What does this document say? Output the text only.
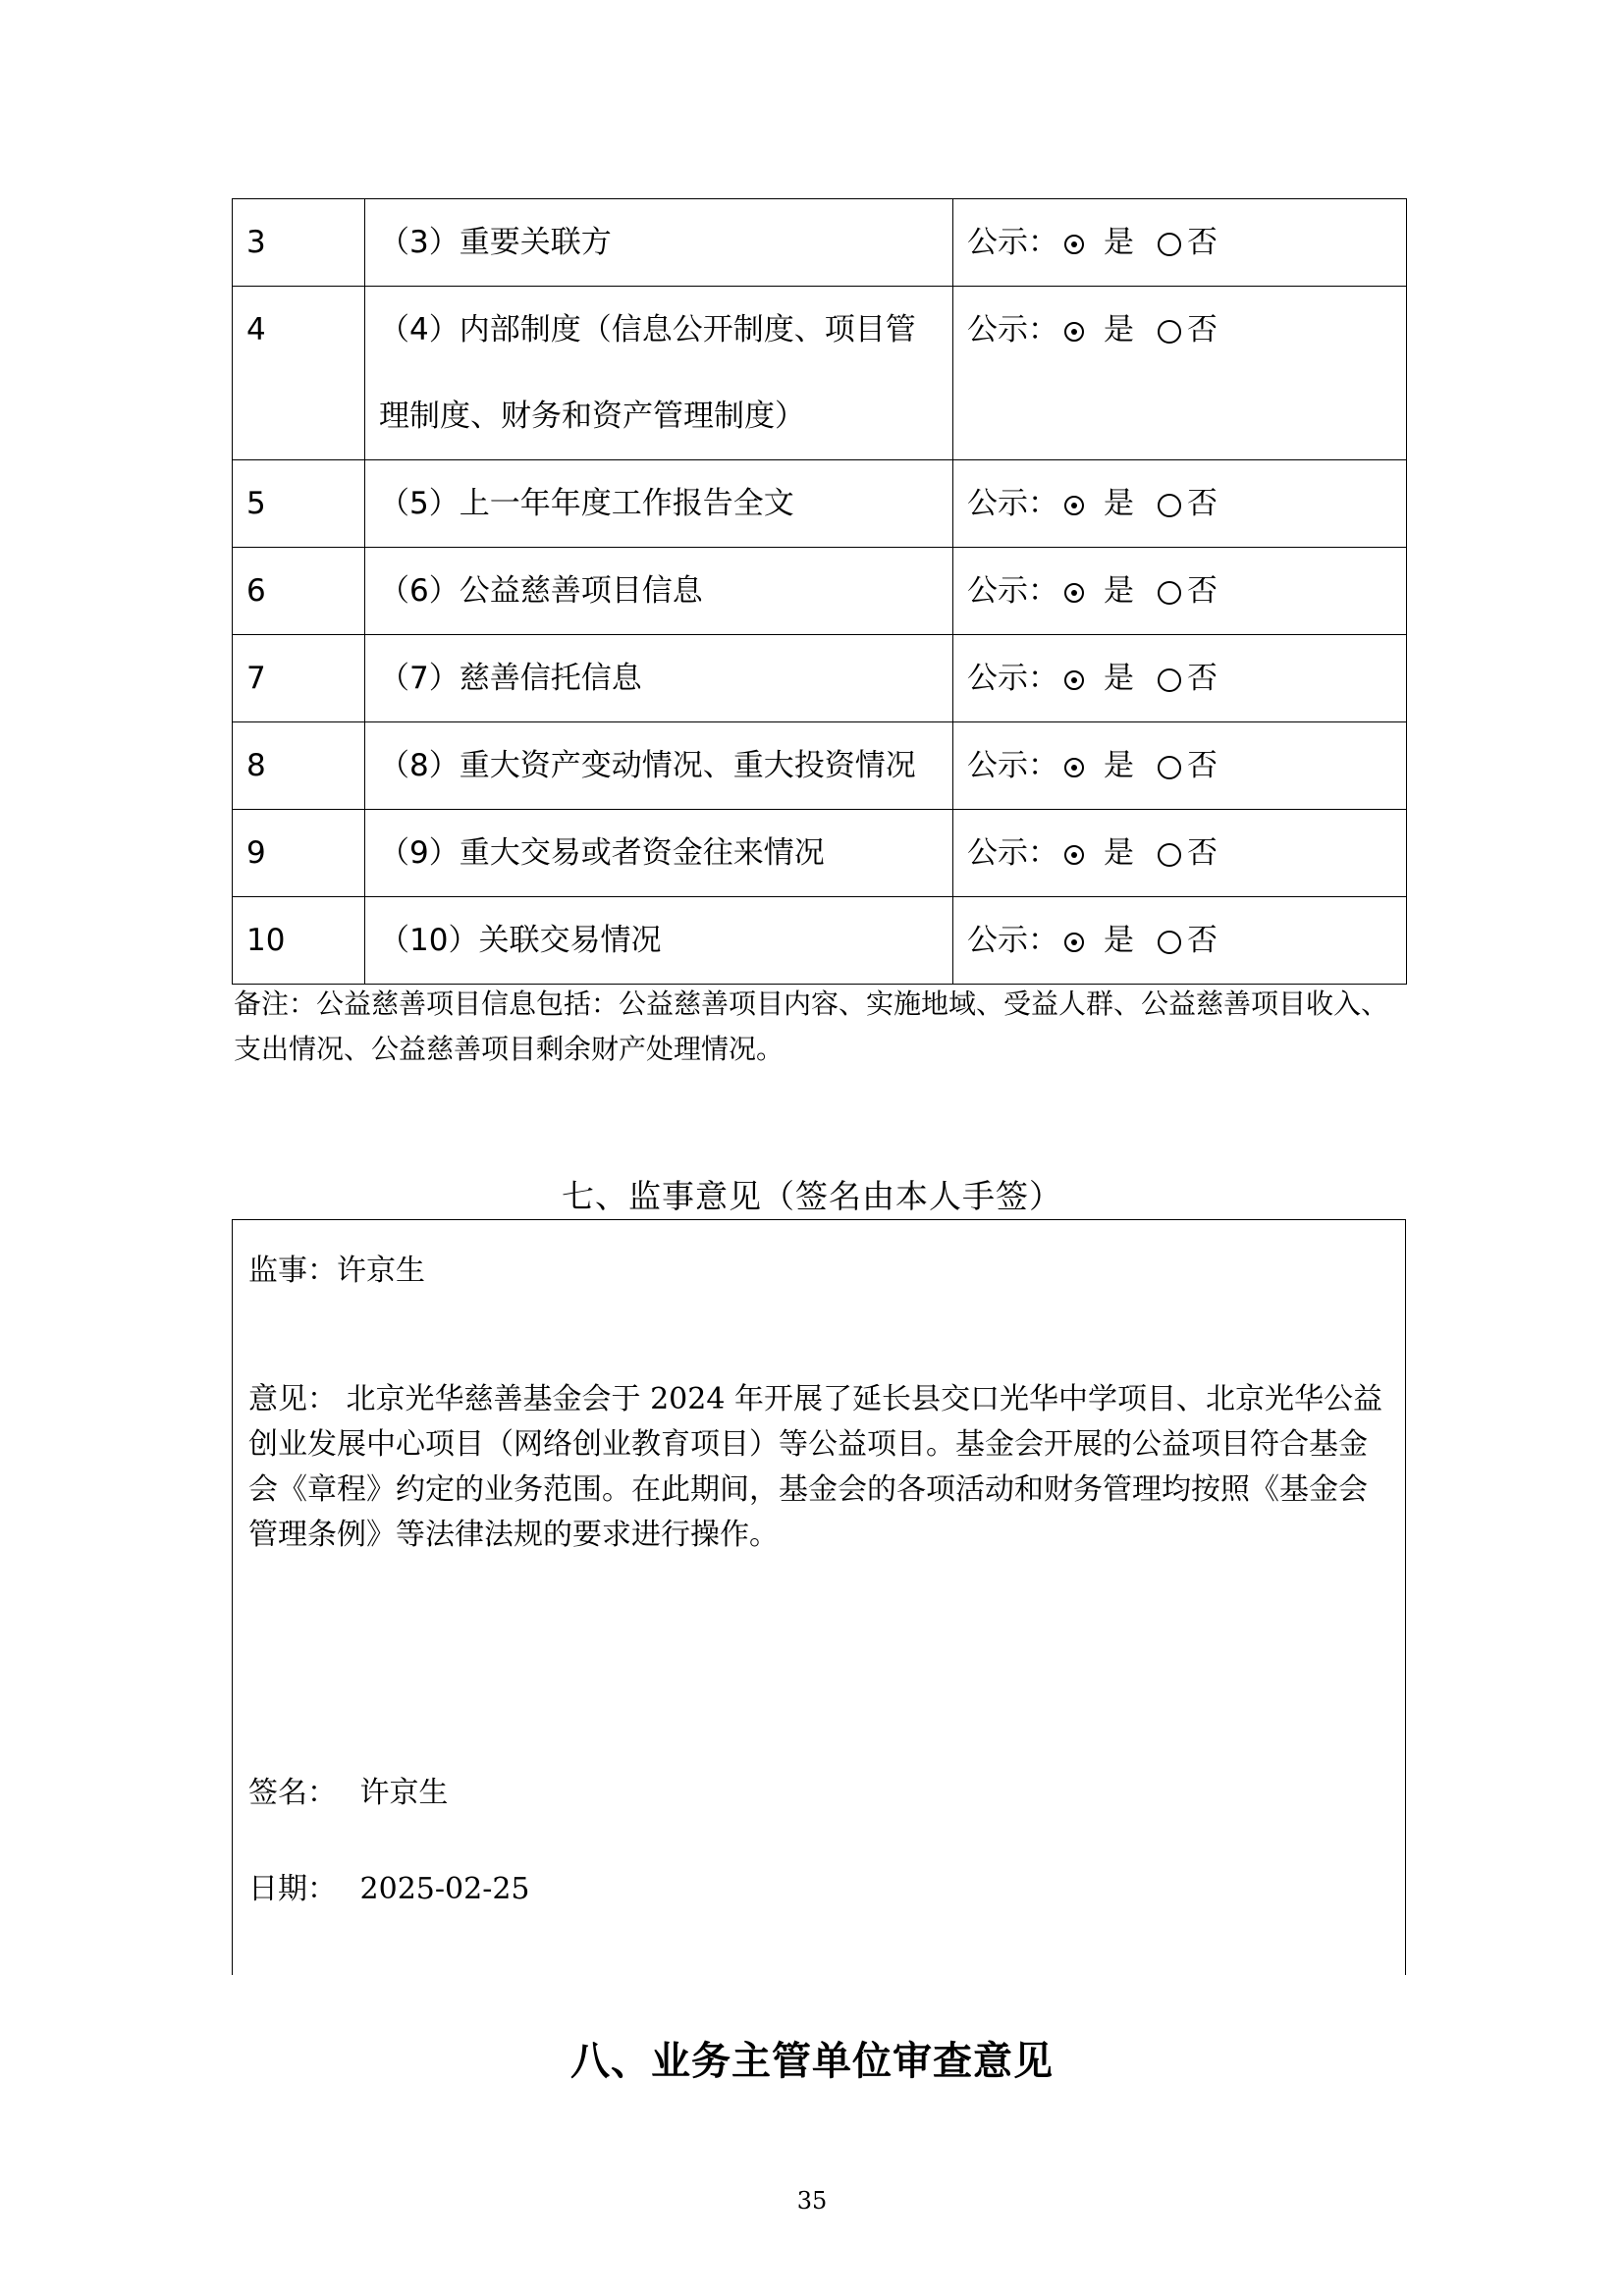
3	（3）重要关联方	公示： 是 否
4	（4）内部制度（信息公开制度、项目管理制度、财务和资产管理制度）	公示： 是 否
5	（5）上一年年度工作报告全文	公示： 是 否
6	（6）公益慈善项目信息	公示： 是 否
7	（7）慈善信托信息	公示： 是 否
8	（8）重大资产变动情况、重大投资情况	公示： 是 否
9	（9）重大交易或者资金往来情况	公示： 是 否
10	（10）关联交易情况	公示： 是 否
备注：公益慈善项目信息包括：公益慈善项目内容、实施地域、受益人群、公益慈善项目收入、支出情况、公益慈善项目剩余财产处理情况。
七、监事意见（签名由本人手签）
监事：许京生
意见： 北京光华慈善基金会于 2024 年开展了延长县交口光华中学项目、北京光华公益创业发展中心项目（网络创业教育项目）等公益项目。基金会开展的公益项目符合基金会《章程》约定的业务范围。在此期间，基金会的各项活动和财务管理均按照《基金会管理条例》等法律法规的要求进行操作。
签名： 许京生
日期： 2025-02-25
八、业务主管单位审查意见
35
